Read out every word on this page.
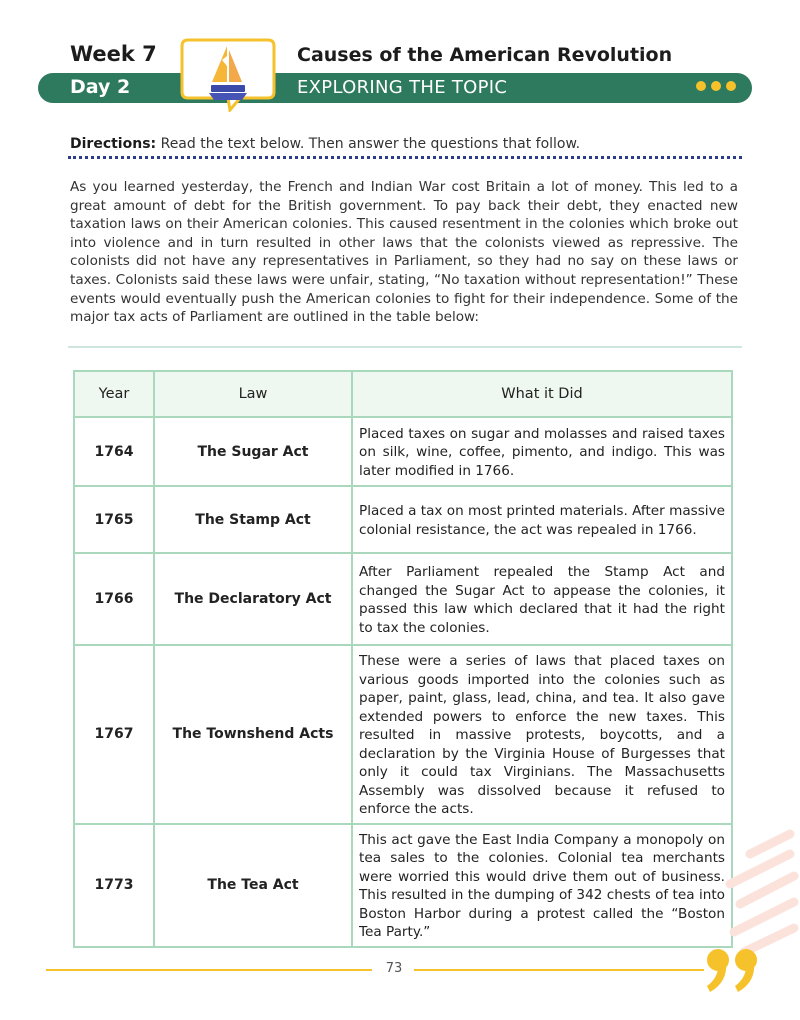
Week 7	Causes of the American Revolution
Day 2	EXPLORING THE TOPIC
Directions: Read the text below. Then answer the questions that follow.
As you learned yesterday, the French and Indian War cost Britain a lot of money. This led to a great amount of debt for the British government. To pay back their debt, they enacted new taxation laws on their American colonies. This caused resentment in the colonies which broke out into violence and in turn resulted in other laws that the colonists viewed as repressive. The colonists did not have any representatives in Parliament, so they had no say on these laws or taxes. Colonists said these laws were unfair, stating, “No taxation without representation!” These events would eventually push the American colonies to fight for their independence. Some of the major tax acts of Parliament are outlined in the table below:
Year	Law	What it Did
1764	The Sugar Act	Placed taxes on sugar and molasses and raised taxes on silk, wine, coffee, pimento, and indigo. This was later modified in 1766.
1765	The Stamp Act	Placed a tax on most printed materials. After massive colonial resistance, the act was repealed in 1766.
1766	The Declaratory Act	After Parliament repealed the Stamp Act and changed the Sugar Act to appease the colonies, it passed this law which declared that it had the right to tax the colonies.
1767	The Townshend Acts	These were a series of laws that placed taxes on various goods imported into the colonies such as paper, paint, glass, lead, china, and tea. It also gave extended powers to enforce the new taxes. This resulted in massive protests, boycotts, and a declaration by the Virginia House of Burgesses that only it could tax Virginians. The Massachusetts Assembly was dissolved because it refused to enforce the acts.
1773	The Tea Act	This act gave the East India Company a monopoly on tea sales to the colonies. Colonial tea merchants were worried this would drive them out of business. This resulted in the dumping of 342 chests of tea into Boston Harbor during a protest called the “Boston Tea Party.”
73
